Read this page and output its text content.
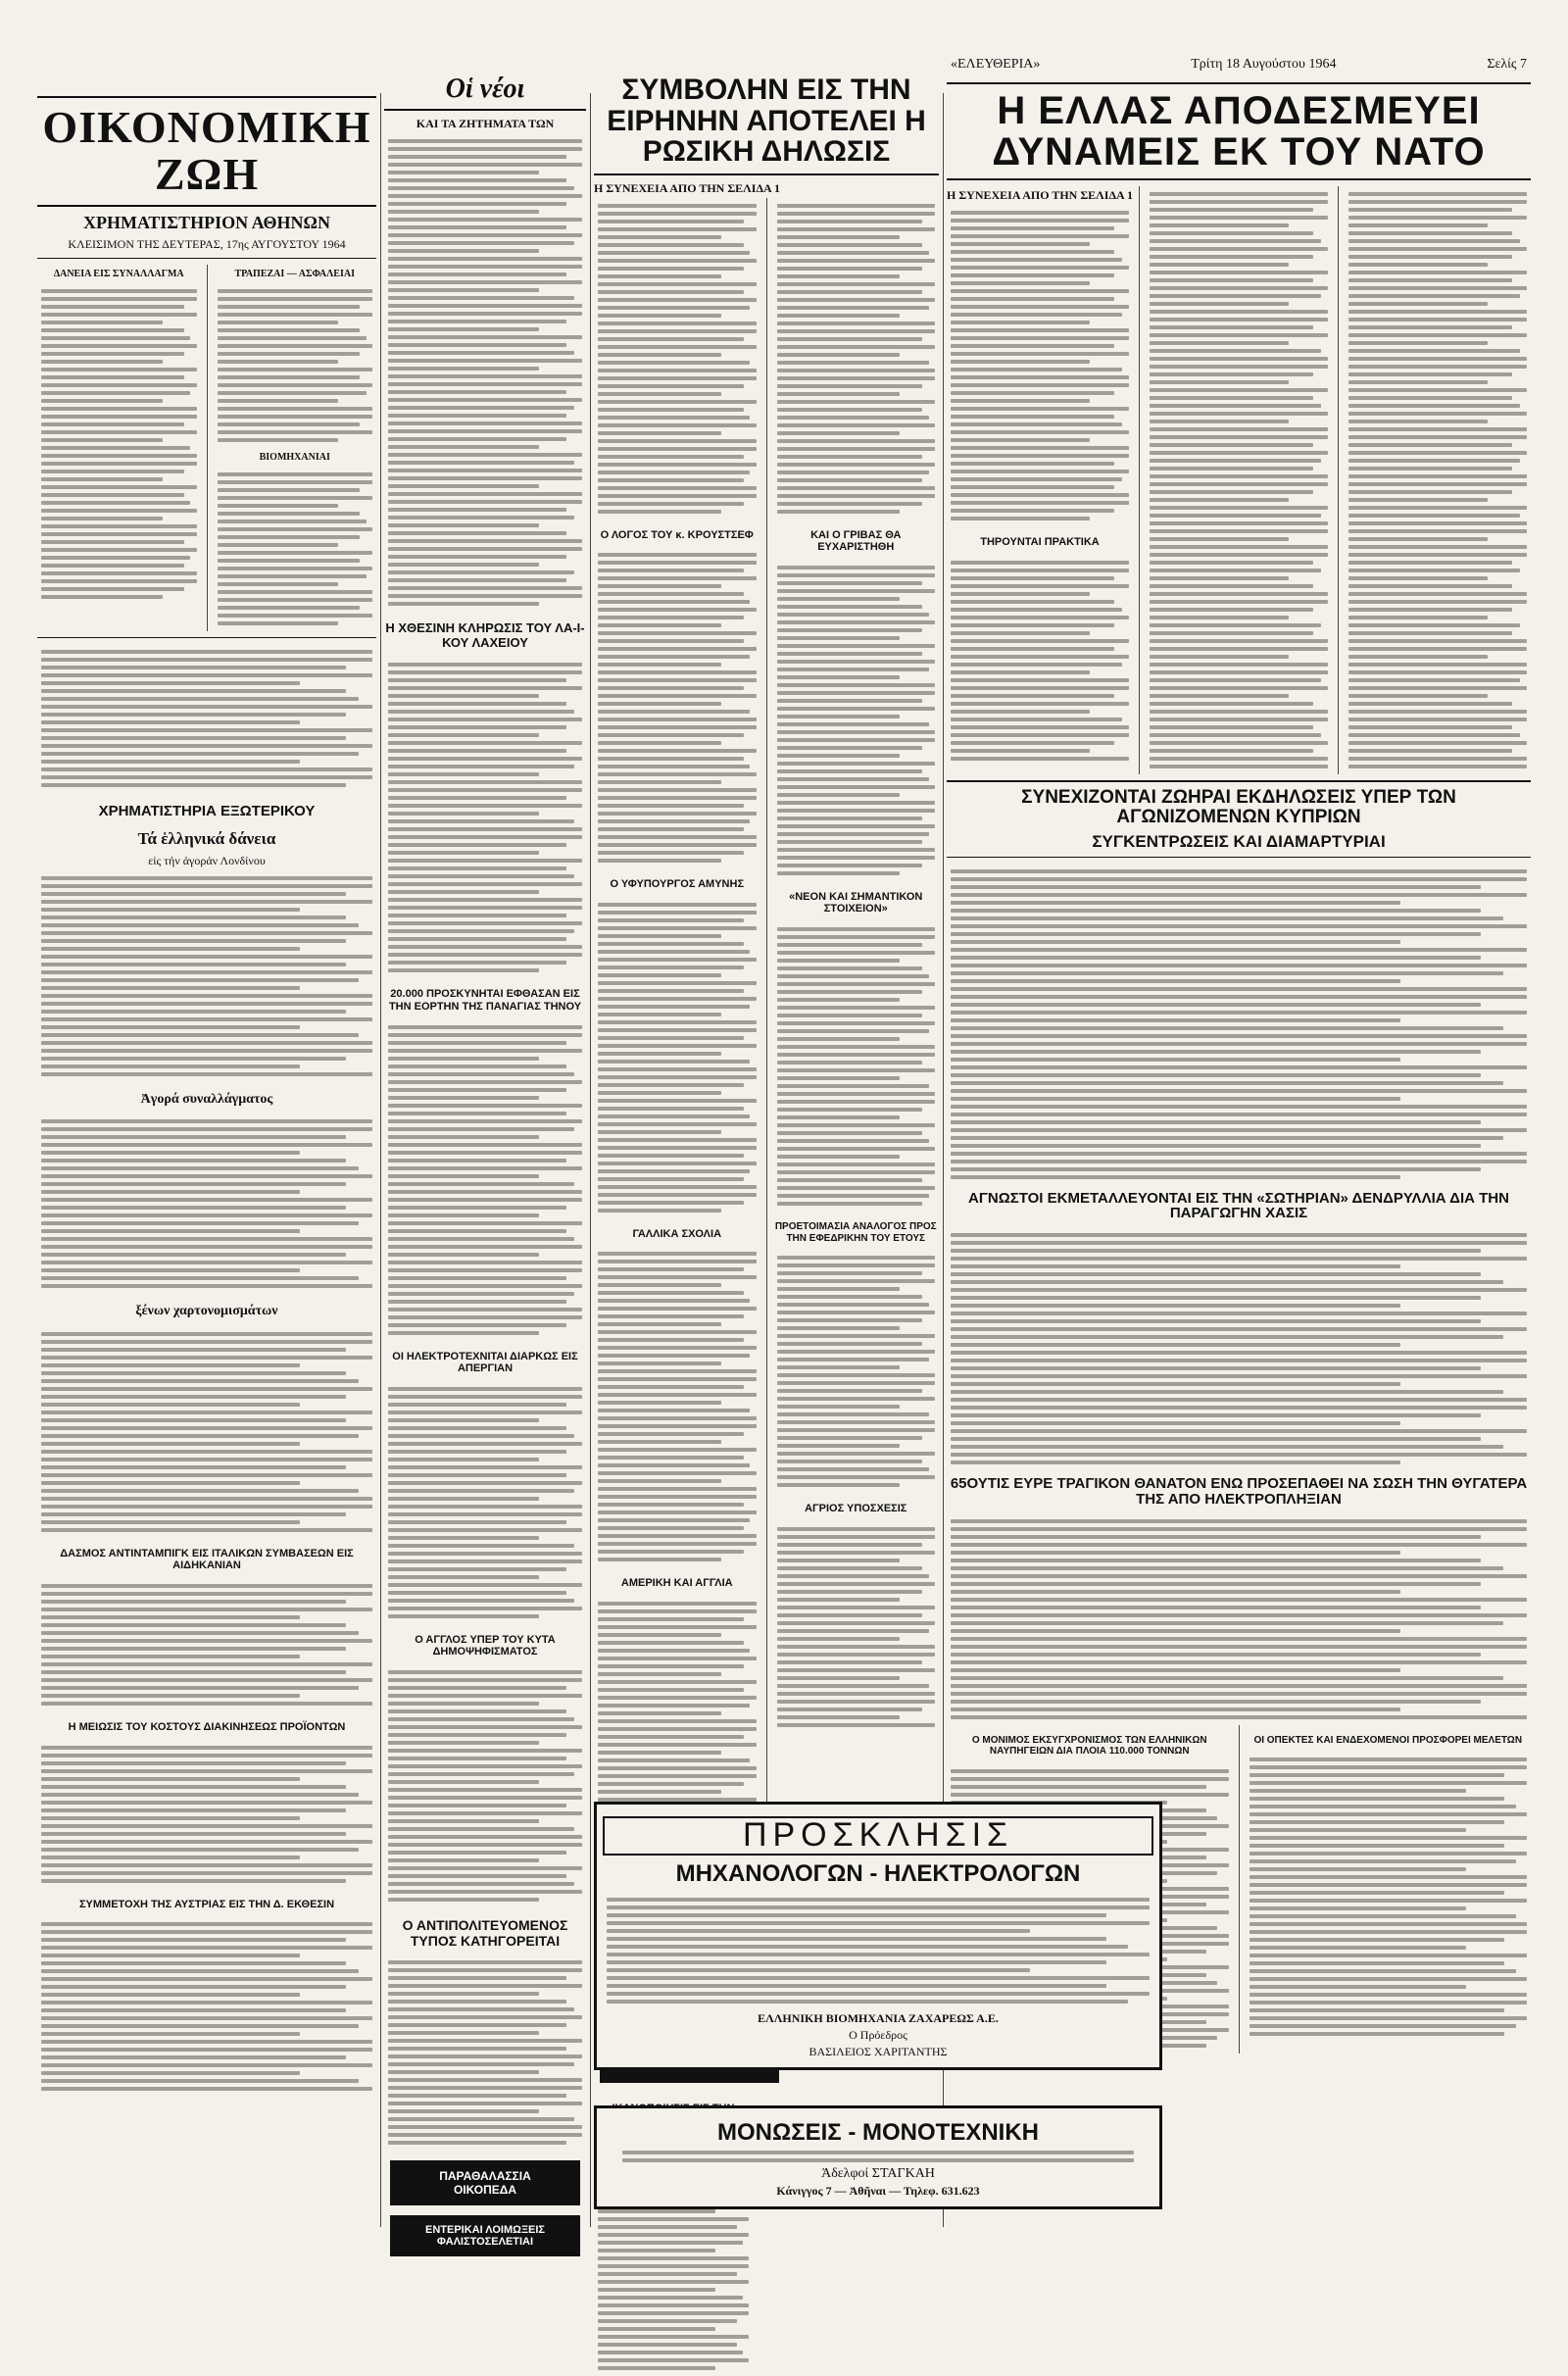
ΟΙΚΟΝΟΜΙΚΗ ΖΩΗ
ΧΡΗΜΑΤΙΣΤΗΡΙΟΝ ΑΘΗΝΩΝ
ΚΛΕΙΣΙΜΟΝ ΤΗΣ ΔΕΥΤΕΡΑΣ, 17ης ΑΥΓΟΥΣΤΟΥ 1964
ΔΑΝΕΙΑ ΕΙΣ ΣΥΝΑΛΛΑΓΜΑ	ΤΡΑΠΕΖΑΙ — ΑΣΦΑΛΕΙΑΙ
ΒΙΟΜΗΧΑΝΙΑΙ
ΧΡΗΜΑΤΙΣΤΗΡΙΑ ΕΞΩΤΕΡΙΚΟΥ
Τά ἑλληνικά δάνεια
εἰς τήν ἀγοράν Λονδίνου
Ἀγορά συναλλάγματος
ξένων χαρτονομισμάτων
ΔΑΣΜΟΣ ΑΝΤΙΝΤΑΜΠΙΓΚ ΕΙΣ ΙΤΑΛΙΚΩΝ ΣΥΜΒΑΣΕΩΝ ΕΙΣ ΑΙΔΗΚΑΝΙΑΝ
Η ΜΕΙΩΣΙΣ ΤΟΥ ΚΟΣΤΟΥΣ ΔΙΑΚΙΝΗΣΕΩΣ ΠΡΟΪΟΝΤΩΝ
ΣΥΜΜΕΤΟΧΗ ΤΗΣ ΑΥΣΤΡΙΑΣ ΕΙΣ ΤΗΝ Δ. ΕΚΘΕΣΙΝ
Οἱ νέοι
ΚΑΙ ΤΑ ΖΗΤΗΜΑΤΑ ΤΩΝ
Η ΧΘΕΣΙΝΗ ΚΛΗΡΩΣΙΣ ΤΟΥ ΛΑ-Ι-ΚΟΥ ΛΑΧΕΙΟΥ
20.000 ΠΡΟΣΚΥΝΗΤΑΙ ΕΦΘΑΣΑΝ ΕΙΣ ΤΗΝ ΕΟΡΤΗΝ ΤΗΣ ΠΑΝΑΓΙΑΣ ΤΗΝΟΥ
ΟΙ ΗΛΕΚΤΡΟΤΕΧΝΙΤΑΙ ΔΙΑΡΚΩΣ ΕΙΣ ΑΠΕΡΓΙΑΝ
Ο ΑΓΓΛΟΣ ΥΠΕΡ ΤΟΥ ΚΥΤΑ ΔΗΜΟΨΗΦΙΣΜΑΤΟΣ
Ο ΑΝΤΙΠΟΛΙΤΕΥΟΜΕΝΟΣ ΤΥΠΟΣ ΚΑΤΗΓΟΡΕΙΤΑΙ
ΠΑΡΑΘΑΛΑΣΣΙΑ
ΟΙΚΟΠΕΔΑ
ΕΝΤΕΡΙΚΑΙ ΛΟΙΜΩΞΕΙΣ ΦΑΛΙΣΤΟΣΕΛΕΤΙΑΙ
ΣΥΜΒΟΛΗΝ ΕΙΣ ΤΗΝ ΕΙΡΗΝΗΝ ΑΠΟΤΕΛΕΙ Η ΡΩΣΙΚΗ ΔΗΛΩΣΙΣ
Η ΣΥΝΕΧΕΙΑ ΑΠΟ ΤΗΝ ΣΕΛΙΔΑ 1
Ο ΛΟΓΟΣ ΤΟΥ κ. ΚΡΟΥΣΤΣΕΦ
Ο ΥΦΥΠΟΥΡΓΟΣ ΑΜΥΝΗΣ
ΓΑΛΛΙΚΑ ΣΧΟΛΙΑ
ΑΜΕΡΙΚΗ ΚΑΙ ΑΓΓΛΙΑ
ΚΑΙ Ο ΓΡΙΒΑΣ ΘΑ ΕΥΧΑΡΙΣΤΗΘΗ
«ΝΕΟΝ ΚΑΙ ΣΗΜΑΝΤΙΚΟΝ ΣΤΟΙΧΕΙΟΝ»
ΠΡΟΕΤΟΙΜΑΣΙΑ ΑΝΑΛΟΓΟΣ ΠΡΟΣ ΤΗΝ ΕΦΕΔΡΙΚΗΝ ΤΟΥ ΕΤΟΥΣ
ΑΓΡΙΟΣ ΥΠΟΣΧΕΣΙΣ

«ΕΛΕΥΘΕΡΙΑ»	Τρίτη 18 Αυγούστου 1964	Σελίς 7
Η ΕΛΛΑΣ ΑΠΟΔΕΣΜΕΥΕΙ ΔΥΝΑΜΕΙΣ ΕΚ ΤΟΥ ΝΑΤΟ
Η ΣΥΝΕΧΕΙΑ ΑΠΟ ΤΗΝ ΣΕΛΙΔΑ 1
ΤΗΡΟΥΝΤΑΙ ΠΡΑΚΤΙΚΑ
ΣΥΝΕΧΙΖΟΝΤΑΙ ΖΩΗΡΑΙ ΕΚΔΗΛΩΣΕΙΣ ΥΠΕΡ ΤΩΝ ΑΓΩΝΙΖΟΜΕΝΩΝ ΚΥΠΡΙΩΝ
ΣΥΓΚΕΝΤΡΩΣΕΙΣ ΚΑΙ ΔΙΑΜΑΡΤΥΡΙΑΙ
ΑΓΝΩΣΤΟΙ ΕΚΜΕΤΑΛΛΕΥΟΝΤΑΙ ΕΙΣ ΤΗΝ «ΣΩΤΗΡΙΑΝ» ΔΕΝΔΡΥΛΛΙΑ ΔΙΑ ΤΗΝ ΠΑΡΑΓΩΓΗΝ ΧΑΣΙΣ
65ΟΥΤΙΣ ΕΥΡΕ ΤΡΑΓΙΚΟΝ ΘΑΝΑΤΟΝ ΕΝΩ ΠΡΟΣΕΠΑΘΕΙ ΝΑ ΣΩΣΗ ΤΗΝ ΘΥΓΑΤΕΡΑ ΤΗΣ ΑΠΟ ΗΛΕΚΤΡΟΠΛΗΞΙΑΝ
Ο ΜΟΝΙΜΟΣ ΕΚΣΥΓΧΡΟΝΙΣΜΟΣ ΤΩΝ ΕΛΛΗΝΙΚΩΝ ΝΑΥΠΗΓΕΙΩΝ ΔΙΑ ΠΛΟΙΑ 110.000 ΤΟΝΝΩΝ
ΟΙ ΟΠΕΚΤΕΣ ΚΑΙ ΕΝΔΕΧΟΜΕΝΟΙ ΠΡΟΣΦΟΡΕΙ ΜΕΛΕΤΩΝ
ΠΡΟΣΚΛΗΣΙΣ
ΜΗΧΑΝΟΛΟΓΩΝ - ΗΛΕΚΤΡΟΛΟΓΩΝ
ΕΛΛΗΝΙΚΗ ΒΙΟΜΗΧΑΝΙΑ ΖΑΧΑΡΕΩΣ Α.Ε.
Ο Πρόεδρος
ΒΑΣΙΛΕΙΟΣ ΧΑΡΙΤΑΝΤΗΣ
ΜΟΝΩΣΕΙΣ - ΜΟΝΟΤΕΧΝΙΚΗ
Ἀδελφοί ΣΤΑΓΚΑΗ
Κάνιγγος 7 — Ἀθῆναι — Τηλεφ. 631.623
